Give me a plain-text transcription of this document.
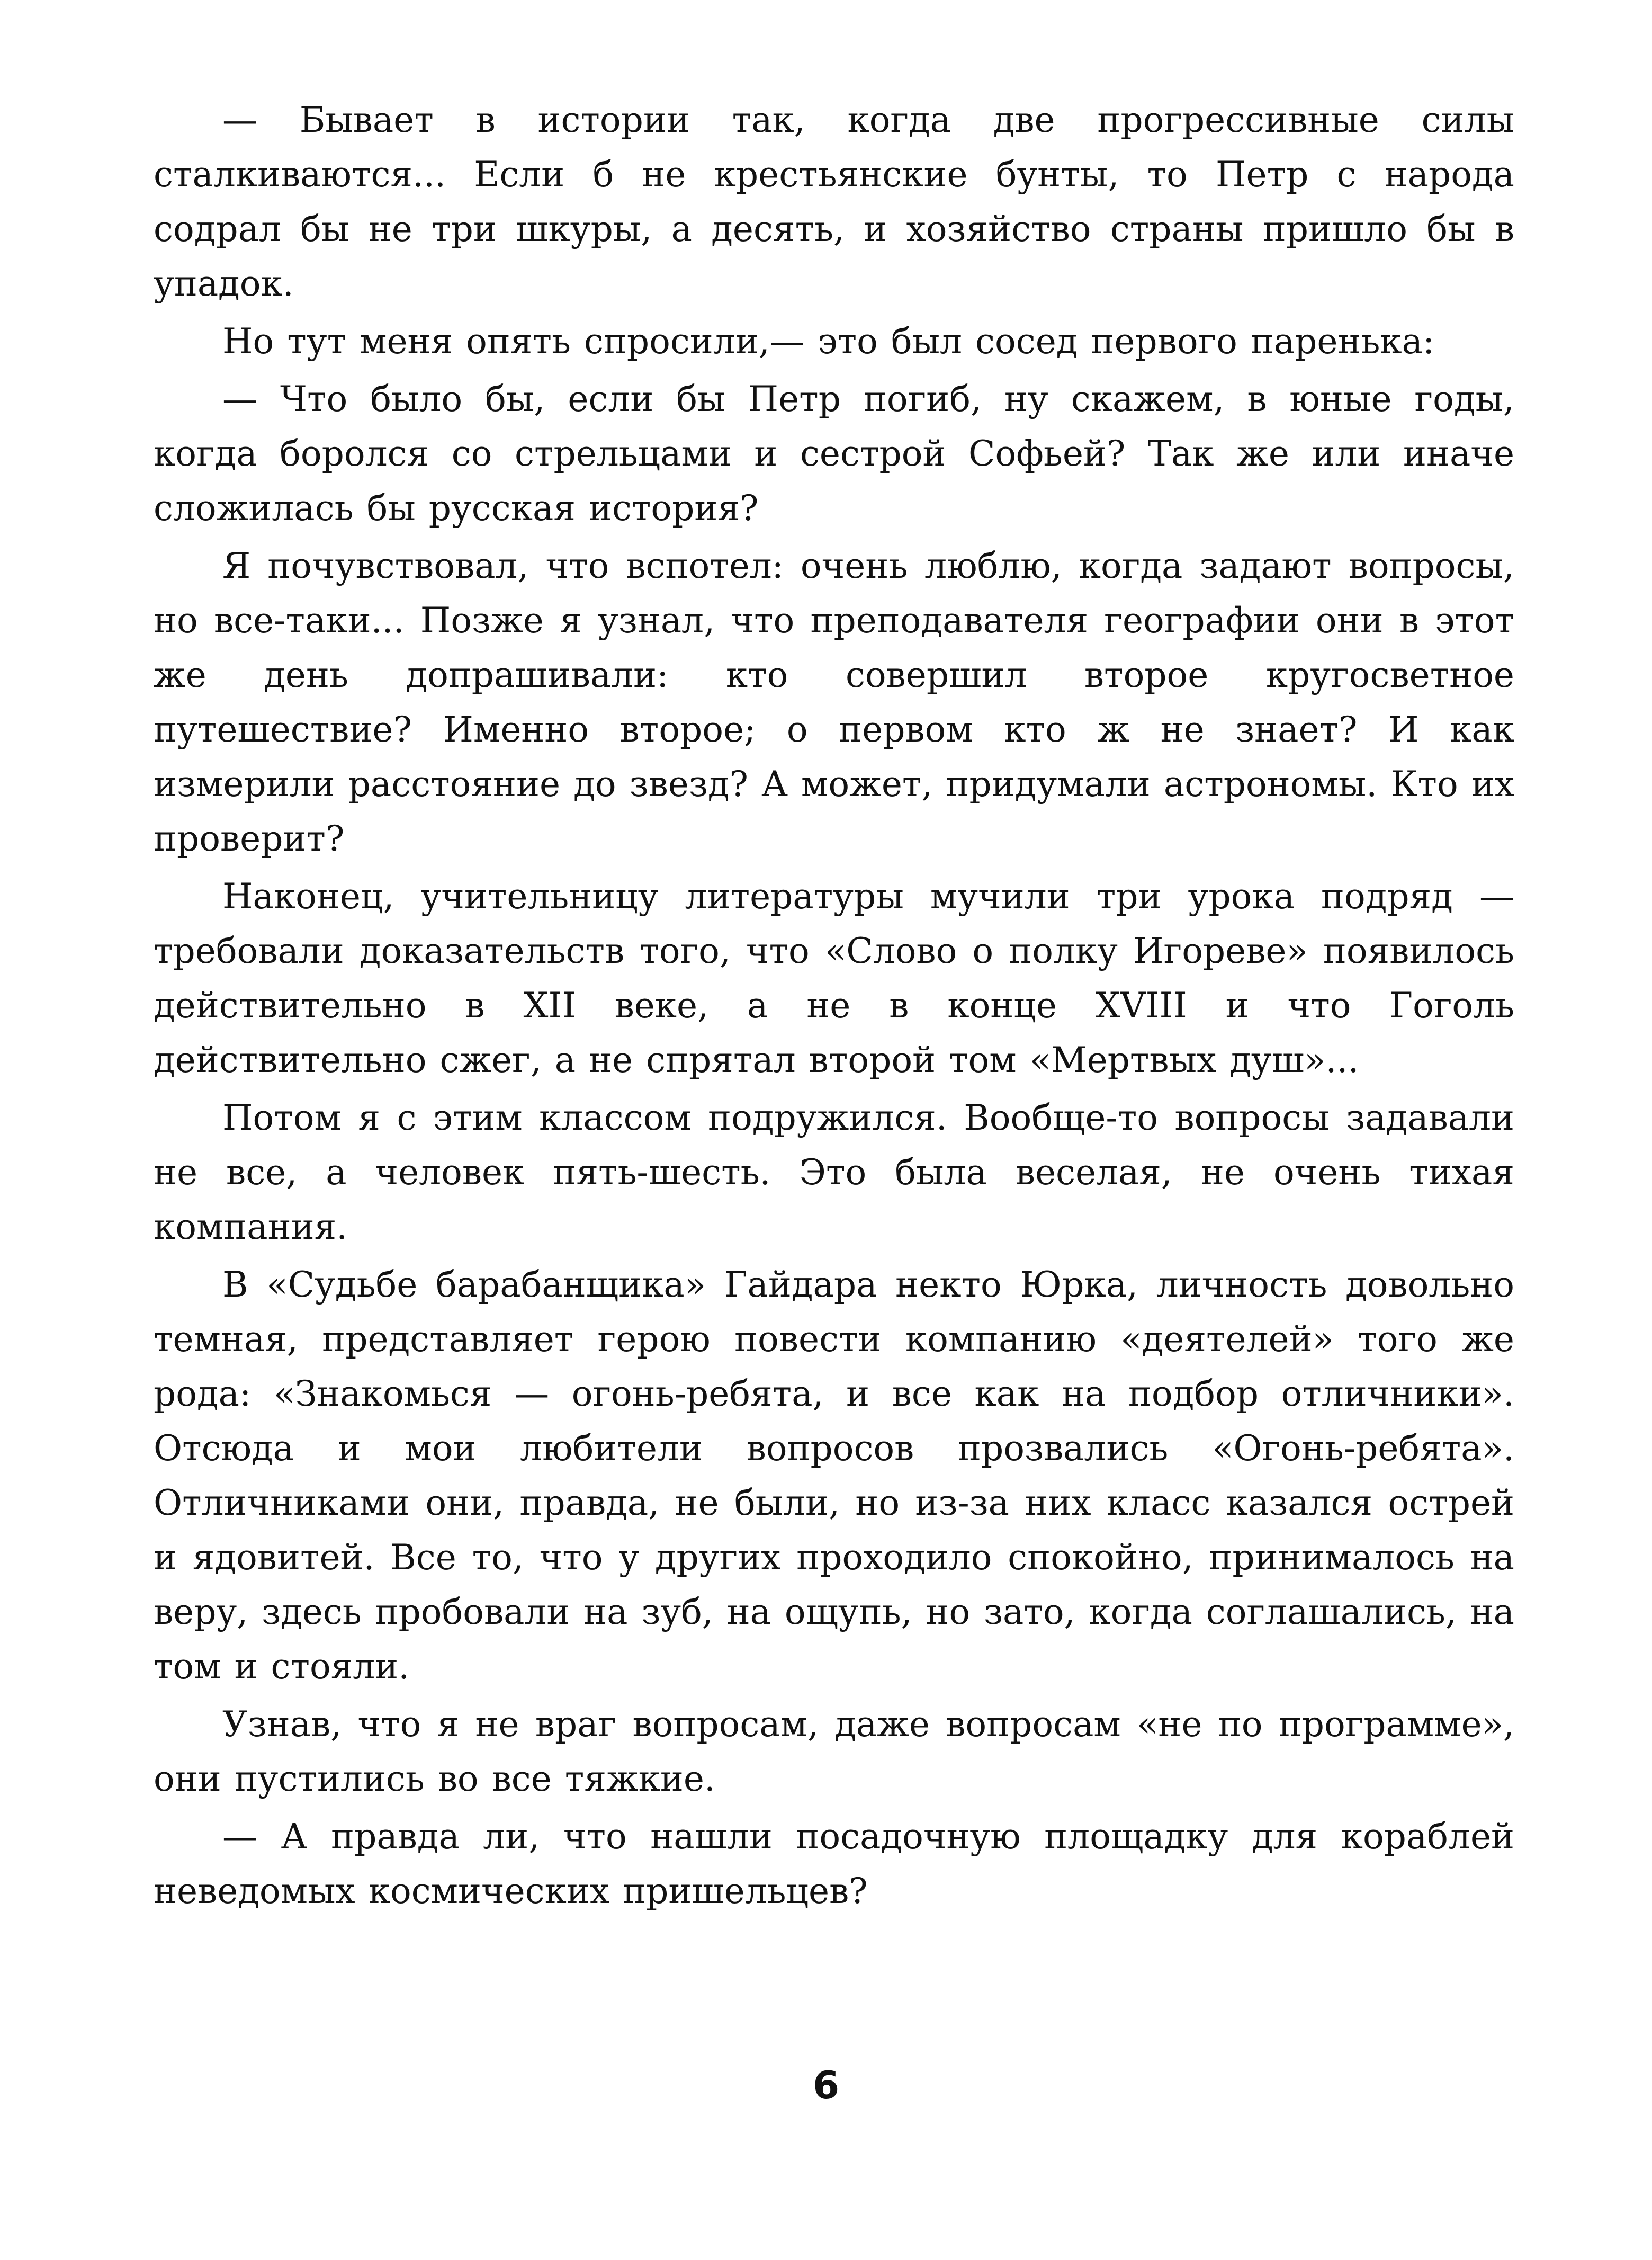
— Бывает в истории так, когда две прогрессивные силы сталкиваются... Если б не крестьянские бунты, то Петр с народа содрал бы не три шкуры, а десять, и хозяйство страны пришло бы в упадок.

Но тут меня опять спросили,— это был сосед первого паренька:

— Что было бы, если бы Петр погиб, ну скажем, в юные годы, когда боролся со стрельцами и сестрой Софьей? Так же или иначе сложилась бы русская история?

Я почувствовал, что вспотел: очень люблю, когда задают вопросы, но все-таки... Позже я узнал, что преподавателя географии они в этот же день допрашивали: кто совершил второе кругосветное путешествие? Именно второе; о первом кто ж не знает? И как измерили расстояние до звезд? А может, придумали астрономы. Кто их проверит?

Наконец, учительницу литературы мучили три урока подряд — требовали доказательств того, что «Слово о полку Игореве» появилось действительно в XII веке, а не в конце XVIII и что Гоголь действительно сжег, а не спрятал второй том «Мертвых душ»...

Потом я с этим классом подружился. Вообще-то вопросы задавали не все, а человек пять-шесть. Это была веселая, не очень тихая компания.

В «Судьбе барабанщика» Гайдара некто Юрка, личность довольно темная, представляет герою повести компанию «деятелей» того же рода: «Знакомься — огонь-ребята, и все как на подбор отличники». Отсюда и мои любители вопросов прозвались «Огонь-ребята». Отличниками они, правда, не были, но из-за них класс казался острей и ядовитей. Все то, что у других проходило спокойно, принималось на веру, здесь пробовали на зуб, на ощупь, но зато, когда соглашались, на том и стояли.

Узнав, что я не враг вопросам, даже вопросам «не по программе», они пустились во все тяжкие.

— А правда ли, что нашли посадочную площадку для кораблей неведомых космических пришельцев?

6
